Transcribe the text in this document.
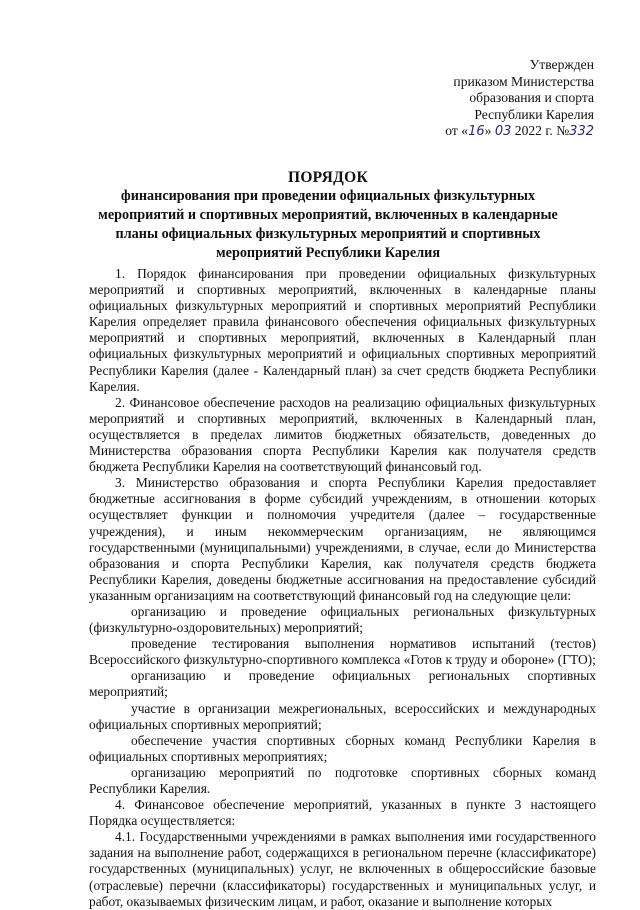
Утвержден
приказом Министерства
образования и спорта
Республики Карелия
от «16» 03 2022 г. №332
ПОРЯДОК
финансирования при проведении официальных физкультурных мероприятий и спортивных мероприятий, включенных в календарные планы официальных физкультурных мероприятий и спортивных мероприятий Республики Карелия

1. Порядок финансирования при проведении официальных физкультурных мероприятий и спортивных мероприятий, включенных в календарные планы официальных физкультурных мероприятий и спортивных мероприятий Республики Карелия определяет правила финансового обеспечения официальных физкультурных мероприятий и спортивных мероприятий, включенных в Календарный план официальных физкультурных мероприятий и официальных спортивных мероприятий Республики Карелия (далее - Календарный план) за счет средств бюджета Республики Карелия.

2. Финансовое обеспечение расходов на реализацию официальных физкультурных мероприятий и спортивных мероприятий, включенных в Календарный план, осуществляется в пределах лимитов бюджетных обязательств, доведенных до Министерства образования спорта Республики Карелия как получателя средств бюджета Республики Карелия на соответствующий финансовый год.

3. Министерство образования и спорта Республики Карелия предоставляет бюджетные ассигнования в форме субсидий учреждениям, в отношении которых осуществляет функции и полномочия учредителя (далее – государственные учреждения), и иным некоммерческим организациям, не являющимся государственными (муниципальными) учреждениями, в случае, если до Министерства образования и спорта Республики Карелия, как получателя средств бюджета Республики Карелия, доведены бюджетные ассигнования на предоставление субсидий указанным организациям на соответствующий финансовый год на следующие цели:

организацию и проведение официальных региональных физкультурных (физкультурно-оздоровительных) мероприятий;

проведение тестирования выполнения нормативов испытаний (тестов) Всероссийского физкультурно-спортивного комплекса «Готов к труду и обороне» (ГТО);

организацию и проведение официальных региональных спортивных мероприятий;

участие в организации межрегиональных, всероссийских и международных официальных спортивных мероприятий;

обеспечение участия спортивных сборных команд Республики Карелия в официальных спортивных мероприятиях;

организацию мероприятий по подготовке спортивных сборных команд Республики Карелия.

4. Финансовое обеспечение мероприятий, указанных в пункте 3 настоящего Порядка осуществляется:

4.1. Государственными учреждениями в рамках выполнения ими государственного задания на выполнение работ, содержащихся в региональном перечне (классификаторе) государственных (муниципальных) услуг, не включенных в общероссийские базовые (отраслевые) перечни (классификаторы) государственных и муниципальных услуг, и работ, оказываемых физическим лицам, и работ, оказание и выполнение которых
